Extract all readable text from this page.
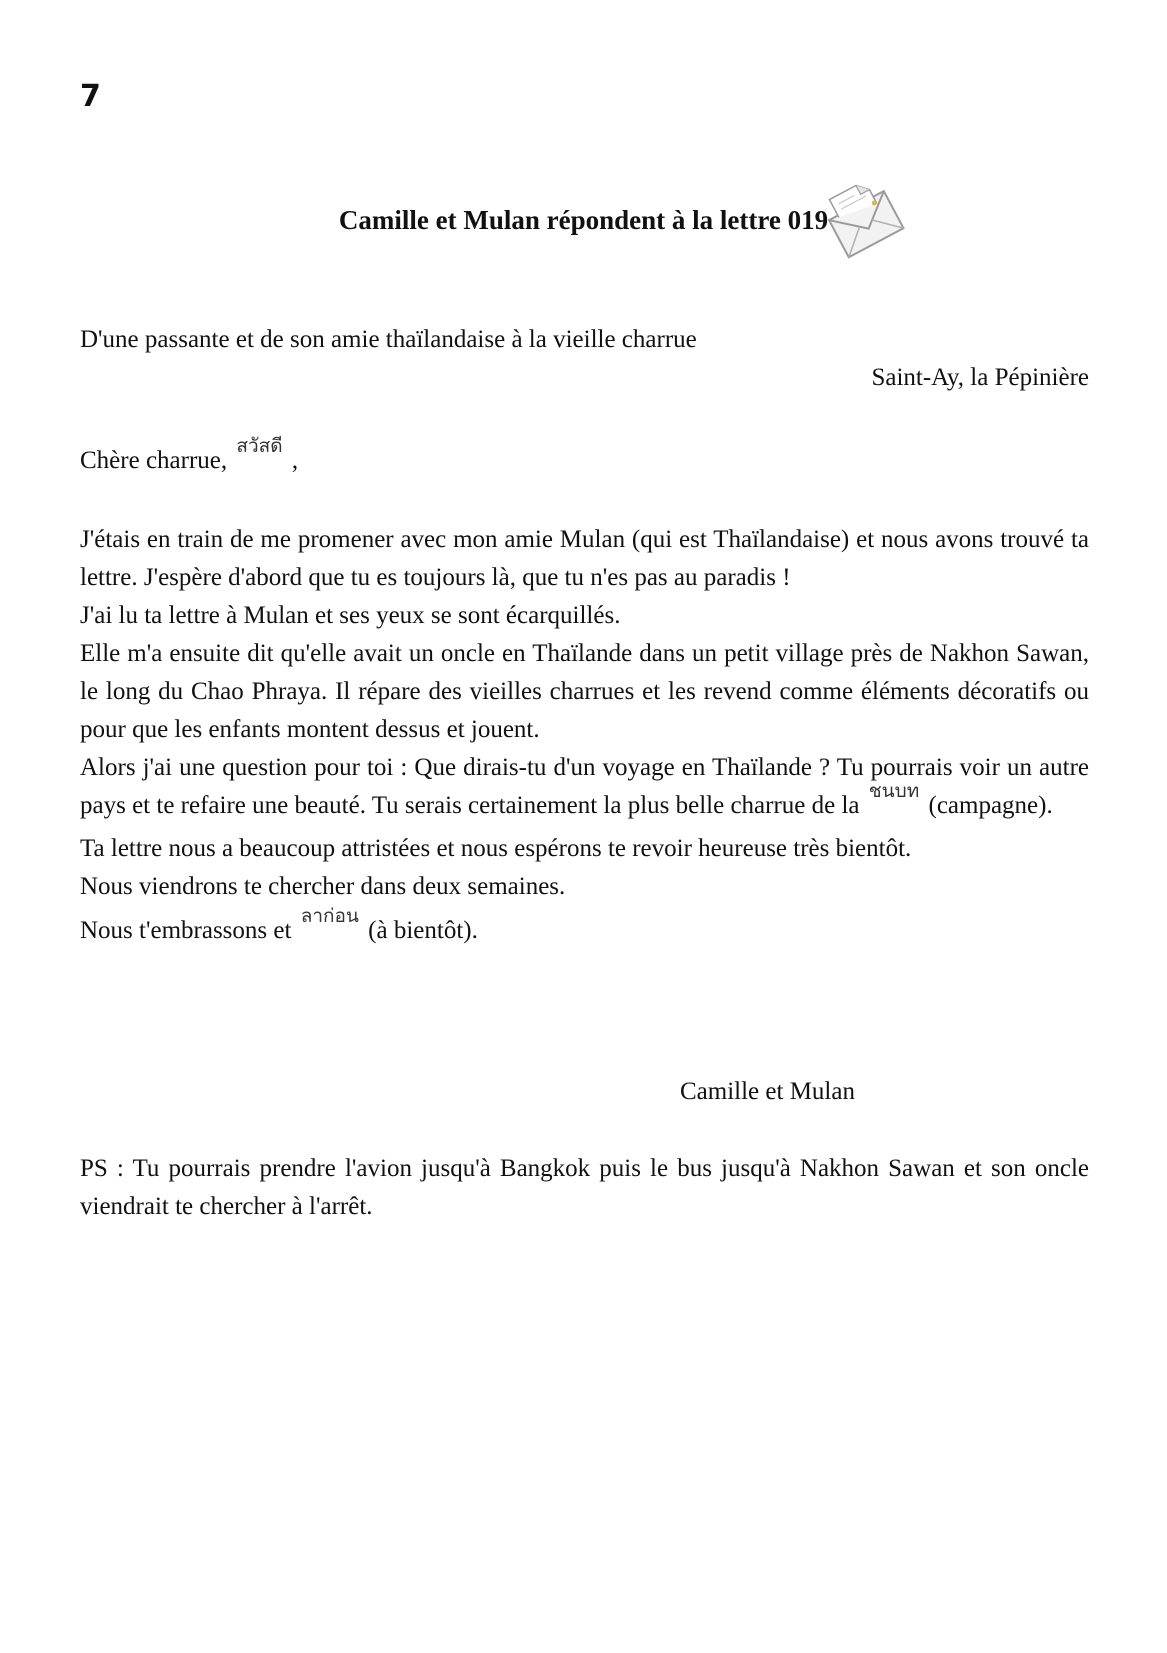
7
Camille et Mulan répondent à la lettre 019
D'une passante et de son amie thaïlandaise à la vieille charrue
Saint-Ay, la Pépinière
Chère charrue, $^{สวัสดี}$ ,

J'étais en train de me promener avec mon amie Mulan (qui est Thaïlandaise) et nous avons trouvé ta lettre. J'espère d'abord que tu es toujours là, que tu n'es pas au paradis !

J'ai lu ta lettre à Mulan et ses yeux se sont écarquillés.

Elle m'a ensuite dit qu'elle avait un oncle en Thaïlande dans un petit village près de Nakhon Sawan, le long du Chao Phraya. Il répare des vieilles charrues et les revend comme éléments décoratifs ou pour que les enfants montent dessus et jouent.

Alors j'ai une question pour toi : Que dirais-tu d'un voyage en Thaïlande ? Tu pourrais voir un autre pays et te refaire une beauté. Tu serais certainement la plus belle charrue de la $^{ชนบท}$ (campagne).

Ta lettre nous a beaucoup attristées et nous espérons te revoir heureuse très bientôt.

Nous viendrons te chercher dans deux semaines.

Nous t'embrassons et $^{ลาก่อน}$ (à bientôt).

Camille et Mulan
PS : Tu pourrais prendre l'avion jusqu'à Bangkok puis le bus jusqu'à Nakhon Sawan et son oncle viendrait te chercher à l'arrêt.
